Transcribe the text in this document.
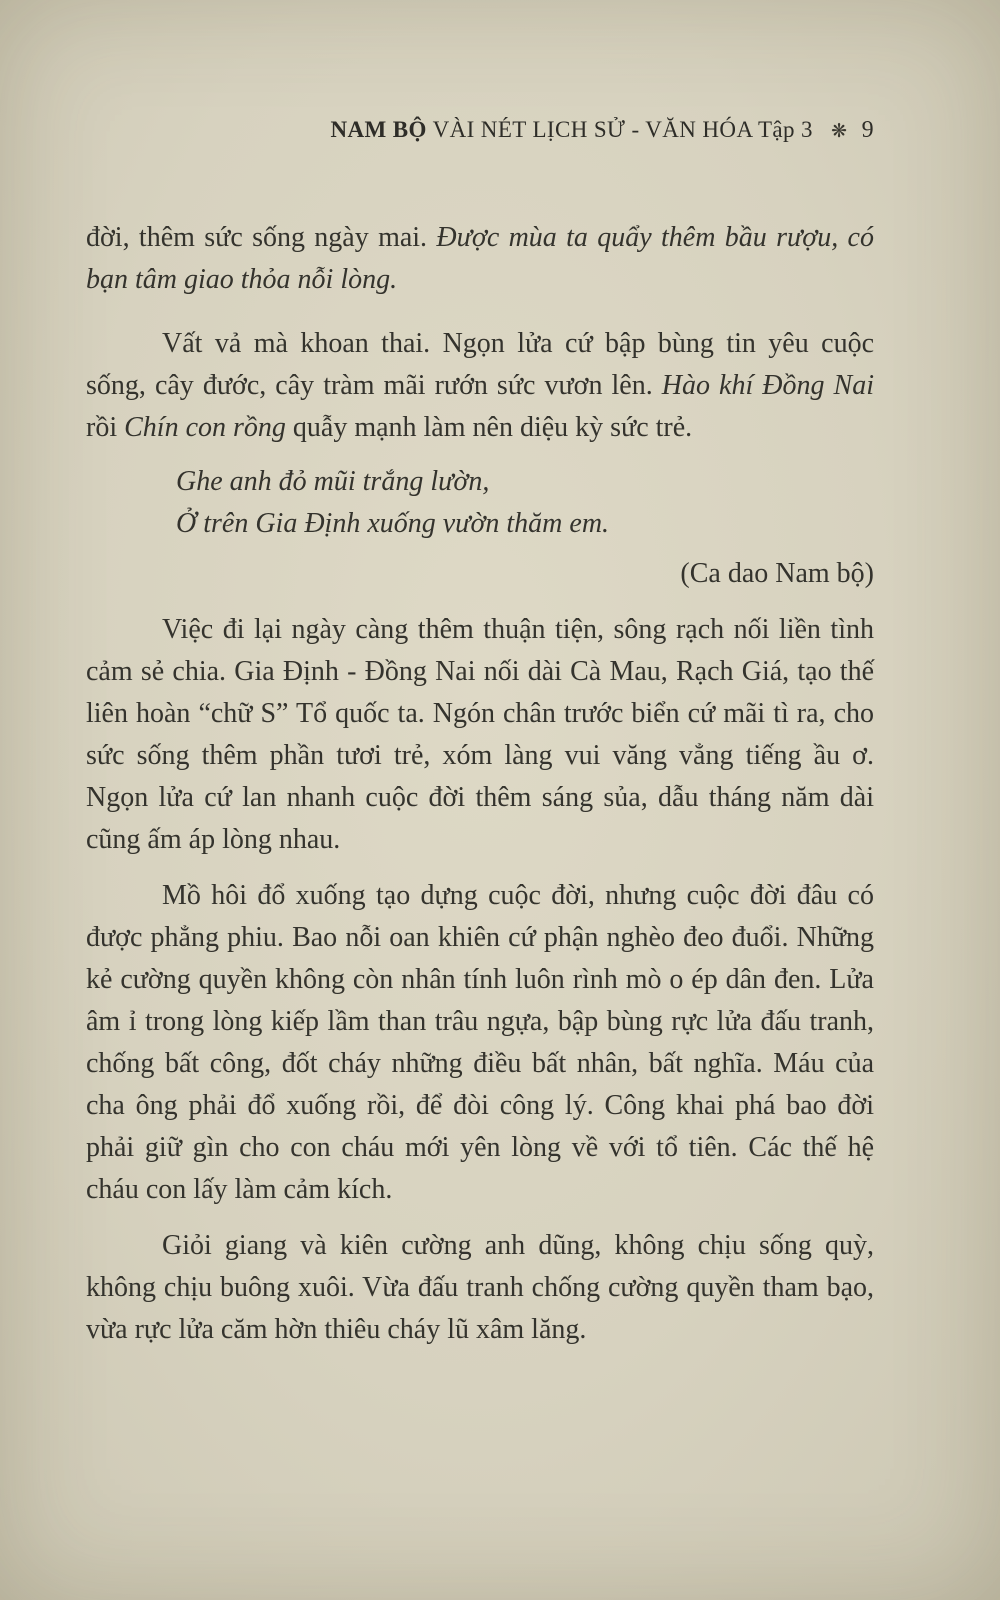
NAM BỘ VÀI NÉT LỊCH SỬ - VĂN HÓA Tập 3 ❋ 9

đời, thêm sức sống ngày mai. Được mùa ta quẩy thêm bầu rượu, có bạn tâm giao thỏa nỗi lòng.

Vất vả mà khoan thai. Ngọn lửa cứ bập bùng tin yêu cuộc sống, cây đước, cây tràm mãi rướn sức vươn lên. Hào khí Đồng Nai rồi Chín con rồng quẫy mạnh làm nên diệu kỳ sức trẻ.

Ghe anh đỏ mũi trắng lườn,
Ở trên Gia Định xuống vườn thăm em.

(Ca dao Nam bộ)

Việc đi lại ngày càng thêm thuận tiện, sông rạch nối liền tình cảm sẻ chia. Gia Định - Đồng Nai nối dài Cà Mau, Rạch Giá, tạo thế liên hoàn “chữ S” Tổ quốc ta. Ngón chân trước biển cứ mãi tì ra, cho sức sống thêm phần tươi trẻ, xóm làng vui văng vẳng tiếng ầu ơ. Ngọn lửa cứ lan nhanh cuộc đời thêm sáng sủa, dẫu tháng năm dài cũng ấm áp lòng nhau.

Mồ hôi đổ xuống tạo dựng cuộc đời, nhưng cuộc đời đâu có được phẳng phiu. Bao nỗi oan khiên cứ phận nghèo đeo đuổi. Những kẻ cường quyền không còn nhân tính luôn rình mò o ép dân đen. Lửa âm ỉ trong lòng kiếp lầm than trâu ngựa, bập bùng rực lửa đấu tranh, chống bất công, đốt cháy những điều bất nhân, bất nghĩa. Máu của cha ông phải đổ xuống rồi, để đòi công lý. Công khai phá bao đời phải giữ gìn cho con cháu mới yên lòng về với tổ tiên. Các thế hệ cháu con lấy làm cảm kích.

Giỏi giang và kiên cường anh dũng, không chịu sống quỳ, không chịu buông xuôi. Vừa đấu tranh chống cường quyền tham bạo, vừa rực lửa căm hờn thiêu cháy lũ xâm lăng.
